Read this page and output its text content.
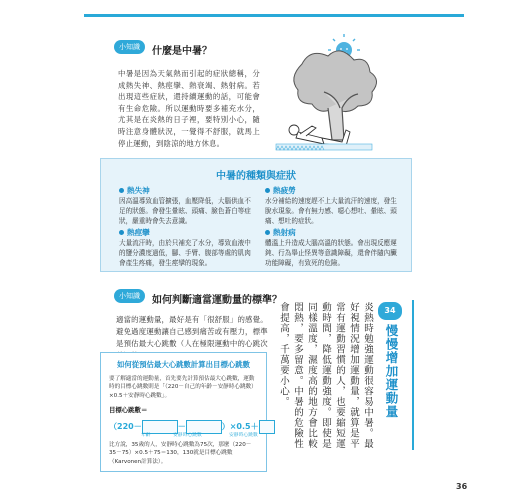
小知識	什麼是中暑？
中暑是因為天氣熱而引起的症狀總稱，分成熱失神、熱痙攣、熱衰竭、熱射病。若出現這些症狀，還持續運動的話，可能會有生命危險。所以運動時要多補充水分，尤其是在炎熱的日子裡，要特別小心，隨時注意身體狀況，一覺得不舒服，就馬上停止運動，到陰涼的地方休息。
中暑的種類與症狀
熱失神
因高溫導致血管擴張，血壓降低，大腦供血不足的狀態。會發生暈眩、頭痛、臉色蒼白等症狀，嚴重時會失去意識。
熱疲勞
水分補給的速度趕不上大量流汗的速度，發生脫水現象。會有無力感、噁心想吐、暈眩、頭痛、想吐的症狀。
熱痙攣
大量流汗時，由於只補充了水分，導致血液中的鹽分濃度過低，腳、手臂、腹部等處的肌肉會產生疼痛，發生痙攣的現象。
熱射病
體溫上升造成大腦高溫的狀態。會出現反應遲鈍、行為舉止怪異等意識障礙，還會伴隨內臟功能障礙，有致死的危險。
小知識	如何判斷適當運動量的標準？
適當的運動量，最好是有「很舒服」的感覺。避免過度運動讓自己感到痛苦或有壓力，標準是預估最大心跳數（人在極限運動中的心跳次
如何從預估最大心跳數計算出目標心跳數
要了解適當的運動量，首先要先計算預估最大心跳數，運動時的目標心跳數則是「（220－自己的年齡－安靜時心跳數）×0.5＋安靜時心跳數」。
目標心跳數＝
（220－	－	）×0.5＋
年齡	安靜時心跳數	安靜時心跳數
比方說，35歲的人，安靜時心跳數為75次，那麼（220－35－75）×0.5＋75＝130，130就是目標心跳數（Karvonen計算法）。
34
慢慢增加運動量
炎熱時勉強運動很容易中暑。最好視情況增加運動量，就算是平常有運動習慣的人，也要縮短運動時間，降低運動強度。即使是同樣溫度，濕度高的地方會比較悶熱，要多留意。中暑的危險性會提高，千萬要小心。
36
